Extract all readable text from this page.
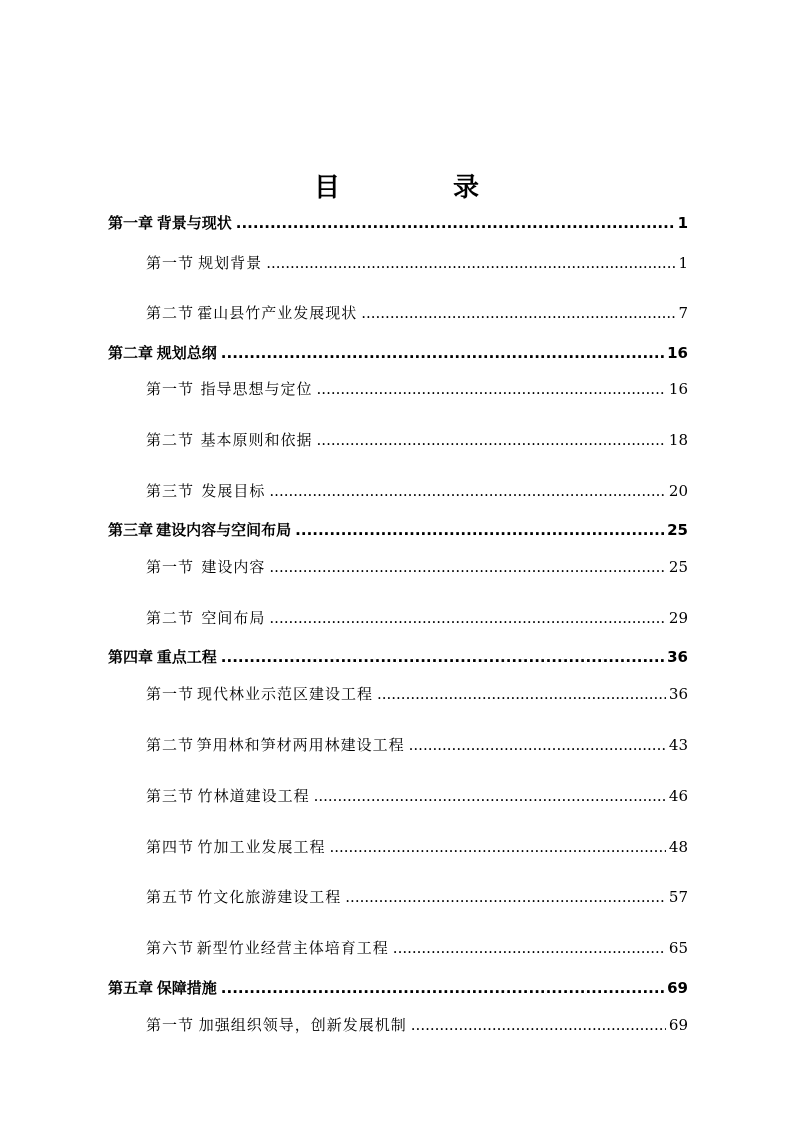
目 录
第一章 背景与现状 .....	1
第一节 规划背景 .....	1
第二节 霍山县竹产业发展现状 .....	7
第二章 规划总纲 .....	16
第一节 指导思想与定位 .....	16
第二节 基本原则和依据 .....	18
第三节 发展目标 .....	20
第三章 建设内容与空间布局 .....	25
第一节 建设内容 .....	25
第二节 空间布局 .....	29
第四章 重点工程 .....	36
第一节 现代林业示范区建设工程 .....	36
第二节 笋用林和笋材两用林建设工程 .....	43
第三节 竹林道建设工程 .....	46
第四节 竹加工业发展工程 .....	48
第五节 竹文化旅游建设工程 .....	57
第六节 新型竹业经营主体培育工程 .....	65
第五章 保障措施 .....	69
第一节 加强组织领导，创新发展机制 .....	69
